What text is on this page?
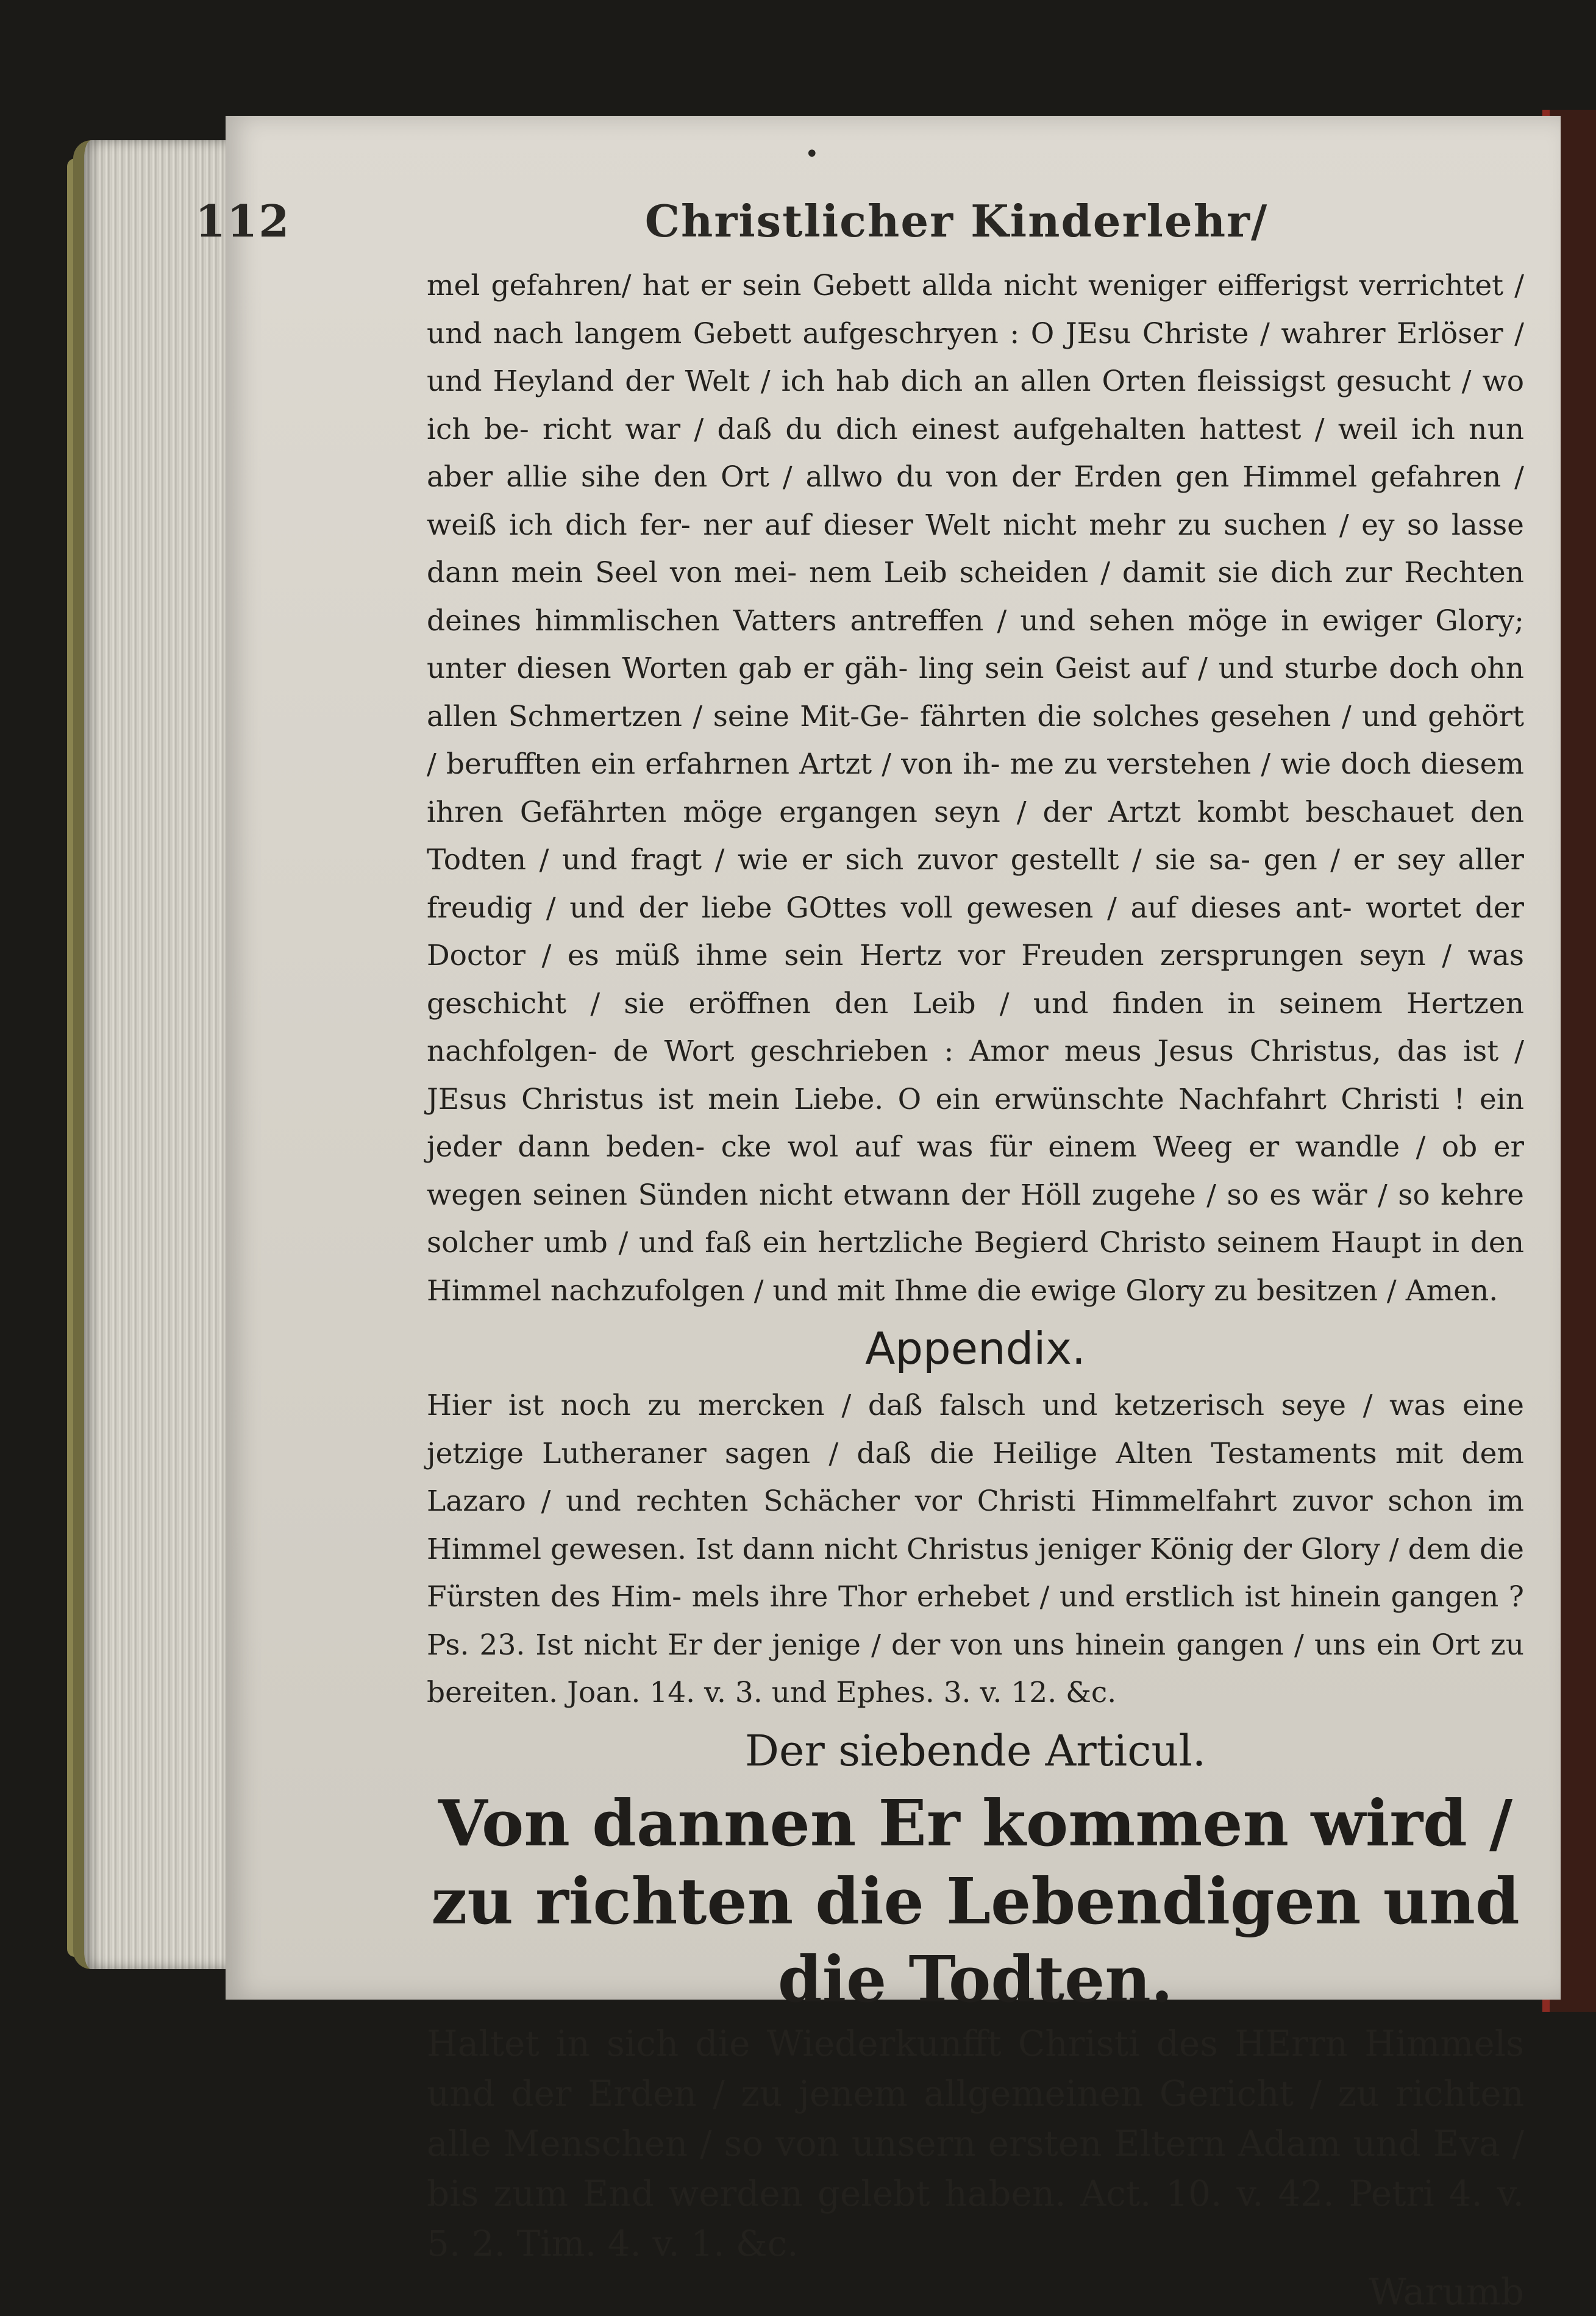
•
112	Christlicher Kinderlehr/

mel gefahren/ hat er sein Gebett allda nicht weniger eifferigst verrichtet / und nach langem Gebett aufgeschryen : O JEsu Christe / wahrer Erlöser / und Heyland der Welt / ich hab dich an allen Orten fleissigst gesucht / wo ich be- richt war / daß du dich einest aufgehalten hattest / weil ich nun aber allie sihe den Ort / allwo du von der Erden gen Himmel gefahren / weiß ich dich fer- ner auf dieser Welt nicht mehr zu suchen / ey so lasse dann mein Seel von mei- nem Leib scheiden / damit sie dich zur Rechten deines himmlischen Vatters antreffen / und sehen möge in ewiger Glory; unter diesen Worten gab er gäh- ling sein Geist auf / und sturbe doch ohn allen Schmertzen / seine Mit-Ge- fährten die solches gesehen / und gehört / berufften ein erfahrnen Artzt / von ih- me zu verstehen / wie doch diesem ihren Gefährten möge ergangen seyn / der Artzt kombt beschauet den Todten / und fragt / wie er sich zuvor gestellt / sie sa- gen / er sey aller freudig / und der liebe GOttes voll gewesen / auf dieses ant- wortet der Doctor / es müß ihme sein Hertz vor Freuden zersprungen seyn / was geschicht / sie eröffnen den Leib / und finden in seinem Hertzen nachfolgen- de Wort geschrieben : Amor meus Jesus Christus, das ist / JEsus Christus ist mein Liebe. O ein erwünschte Nachfahrt Christi ! ein jeder dann beden- cke wol auf was für einem Weeg er wandle / ob er wegen seinen Sünden nicht etwann der Höll zugehe / so es wär / so kehre solcher umb / und faß ein hertzliche Begierd Christo seinem Haupt in den Himmel nachzufolgen / und mit Ihme die ewige Glory zu besitzen / Amen.

Appendix.

Hier ist noch zu mercken / daß falsch und ketzerisch seye / was eine jetzige Lutheraner sagen / daß die Heilige Alten Testaments mit dem Lazaro / und rechten Schächer vor Christi Himmelfahrt zuvor schon im Himmel gewesen. Ist dann nicht Christus jeniger König der Glory / dem die Fürsten des Him- mels ihre Thor erhebet / und erstlich ist hinein gangen ? Ps. 23. Ist nicht Er der jenige / der von uns hinein gangen / uns ein Ort zu bereiten. Joan. 14. v. 3. und Ephes. 3. v. 12. &c.

Der siebende Articul.

Von dannen Er kommen wird / zu richten die Lebendigen und die Todten.

Haltet in sich die Wiederkunfft Christi des HErrn Himmels und der Erden / zu jenem allgemeinen Gericht / zu richten alle Menschen / so von unsern ersten Eltern Adam und Eva / bis zum End werden gelebt haben. Act. 10. v. 42. Petri 4. v. 5. 2. Tim. 4. v. 1. &c.

Warumb
